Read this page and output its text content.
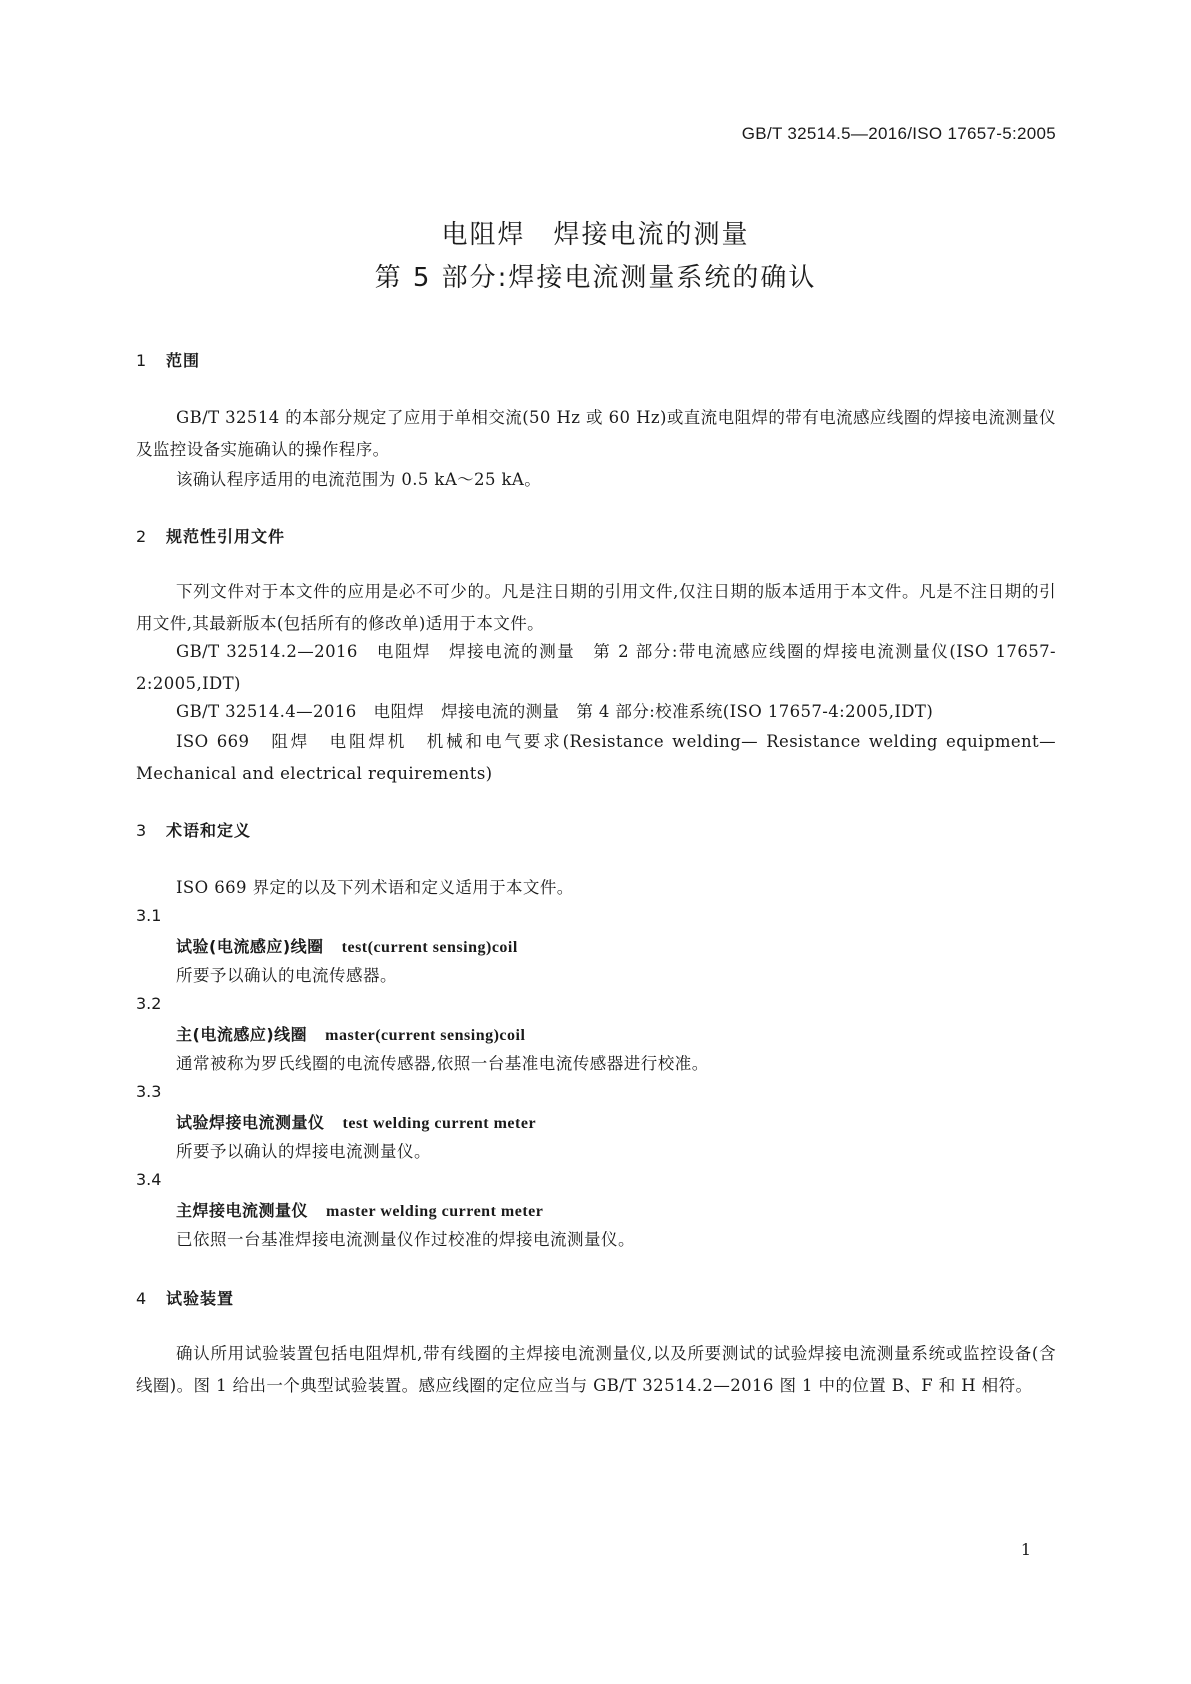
GB/T 32514.5—2016/ISO 17657-5:2005
电阻焊　焊接电流的测量
第 5 部分:焊接电流测量系统的确认
1 范围
GB/T 32514 的本部分规定了应用于单相交流(50 Hz 或 60 Hz)或直流电阻焊的带有电流感应线圈的焊接电流测量仪及监控设备实施确认的操作程序。
该确认程序适用的电流范围为 0.5 kA～25 kA。
2 规范性引用文件
下列文件对于本文件的应用是必不可少的。凡是注日期的引用文件,仅注日期的版本适用于本文件。凡是不注日期的引用文件,其最新版本(包括所有的修改单)适用于本文件。
GB/T 32514.2—2016　电阻焊　焊接电流的测量　第 2 部分:带电流感应线圈的焊接电流测量仪(ISO 17657-2:2005,IDT)
GB/T 32514.4—2016　电阻焊　焊接电流的测量　第 4 部分:校准系统(ISO 17657-4:2005,IDT)
ISO 669　阻焊　电阻焊机　机械和电气要求(Resistance welding— Resistance welding equipment—Mechanical and electrical requirements)
3 术语和定义
ISO 669 界定的以及下列术语和定义适用于本文件。
3.1
试验(电流感应)线圈 test(current sensing)coil
所要予以确认的电流传感器。
3.2
主(电流感应)线圈 master(current sensing)coil
通常被称为罗氏线圈的电流传感器,依照一台基准电流传感器进行校准。
3.3
试验焊接电流测量仪 test welding current meter
所要予以确认的焊接电流测量仪。
3.4
主焊接电流测量仪 master welding current meter
已依照一台基准焊接电流测量仪作过校准的焊接电流测量仪。
4 试验装置
确认所用试验装置包括电阻焊机,带有线圈的主焊接电流测量仪,以及所要测试的试验焊接电流测量系统或监控设备(含线圈)。图 1 给出一个典型试验装置。感应线圈的定位应当与 GB/T 32514.2—2016 图 1 中的位置 B、F 和 H 相符。
1
